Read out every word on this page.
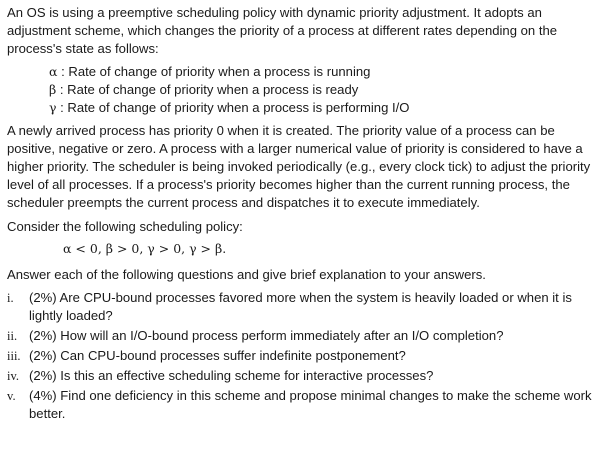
An OS is using a preemptive scheduling policy with dynamic priority adjustment. It adopts an adjustment scheme, which changes the priority of a process at different rates depending on the process's state as follows:

α : Rate of change of priority when a process is running
β : Rate of change of priority when a process is ready
γ : Rate of change of priority when a process is performing I/O

A newly arrived process has priority 0 when it is created. The priority value of a process can be positive, negative or zero. A process with a larger numerical value of priority is considered to have a higher priority. The scheduler is being invoked periodically (e.g., every clock tick) to adjust the priority level of all processes. If a process's priority becomes higher than the current running process, the scheduler preempts the current process and dispatches it to execute immediately.

Consider the following scheduling policy:

α < 0, β > 0, γ > 0, γ > β.

Answer each of the following questions and give brief explanation to your answers.

i.	(2%) Are CPU-bound processes favored more when the system is heavily loaded or when it is lightly loaded?
ii. (2%) How will an I/O-bound process perform immediately after an I/O completion?
iii. (2%) Can CPU-bound processes suffer indefinite postponement?
iv. (2%) Is this an effective scheduling scheme for interactive processes?
v.	(4%) Find one deficiency in this scheme and propose minimal changes to make the scheme work better.
